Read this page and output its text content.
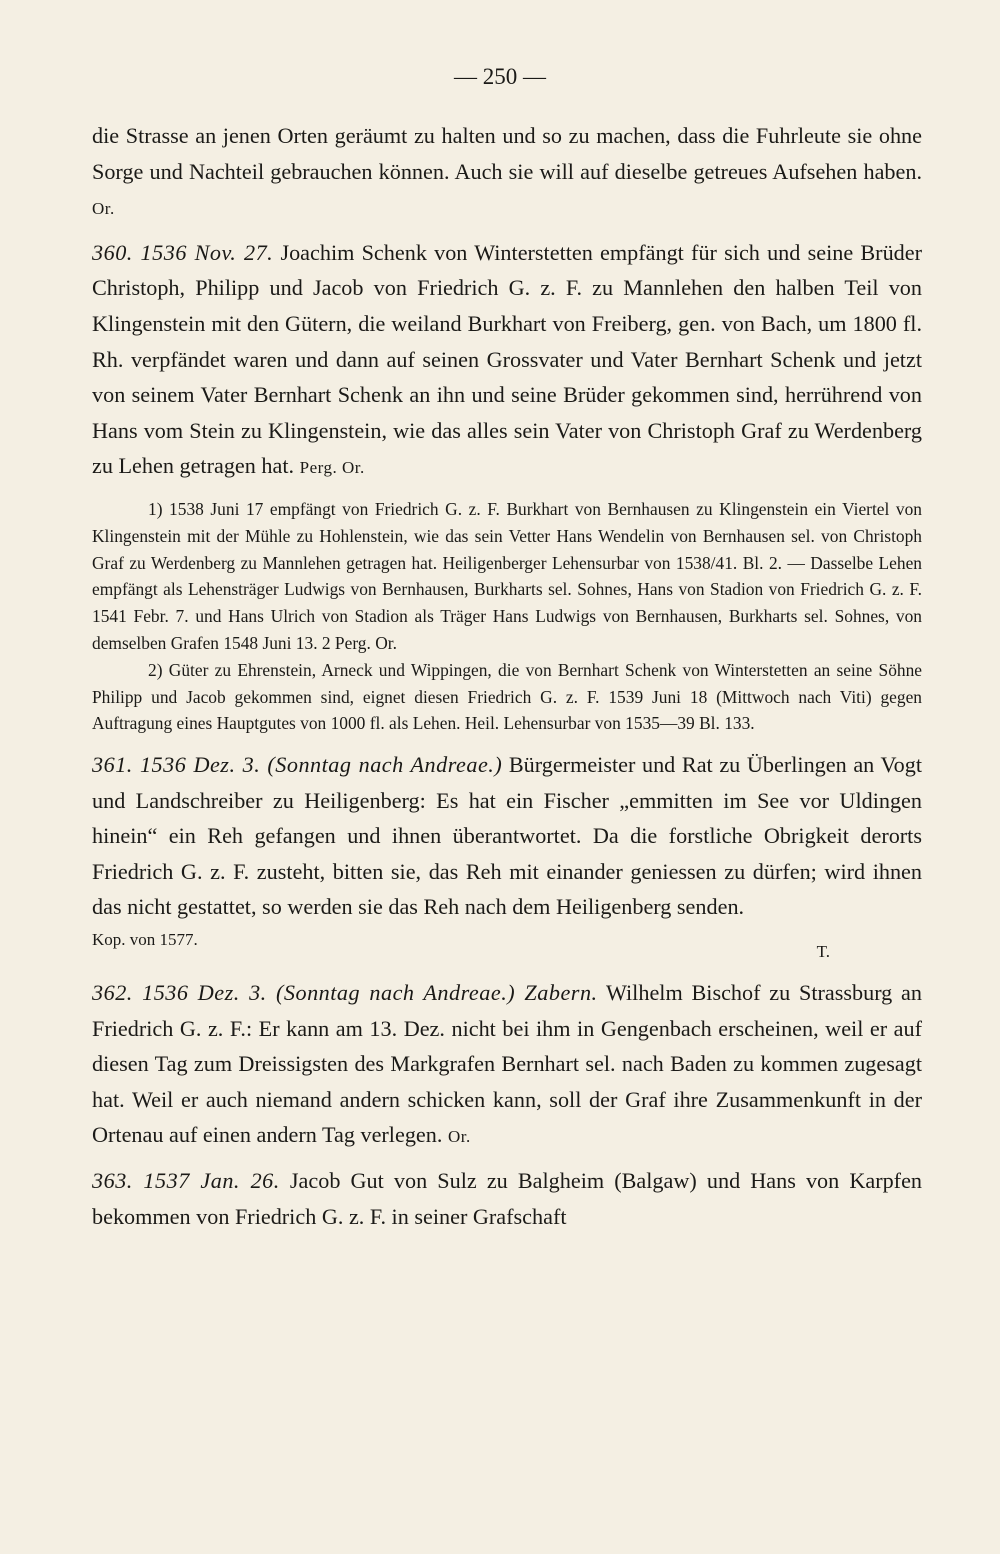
— 250 —

die Strasse an jenen Orten geräumt zu halten und so zu machen, dass die Fuhrleute sie ohne Sorge und Nachteil gebrauchen können. Auch sie will auf dieselbe getreues Aufsehen haben. Or.

360. 1536 Nov. 27. Joachim Schenk von Winterstetten empfängt für sich und seine Brüder Christoph, Philipp und Jacob von Friedrich G. z. F. zu Mannlehen den halben Teil von Klingenstein mit den Gütern, die weiland Burkhart von Freiberg, gen. von Bach, um 1800 fl. Rh. verpfändet waren und dann auf seinen Grossvater und Vater Bernhart Schenk und jetzt von seinem Vater Bernhart Schenk an ihn und seine Brüder gekommen sind, herrührend von Hans vom Stein zu Klingenstein, wie das alles sein Vater von Christoph Graf zu Werdenberg zu Lehen getragen hat. Perg. Or.

1) 1538 Juni 17 empfängt von Friedrich G. z. F. Burkhart von Bernhausen zu Klingenstein ein Viertel von Klingenstein mit der Mühle zu Hohlenstein, wie das sein Vetter Hans Wendelin von Bernhausen sel. von Christoph Graf zu Werdenberg zu Mannlehen getragen hat. Heiligenberger Lehensurbar von 1538/41. Bl. 2. — Dasselbe Lehen empfängt als Lehensträger Ludwigs von Bernhausen, Burkharts sel. Sohnes, Hans von Stadion von Friedrich G. z. F. 1541 Febr. 7. und Hans Ulrich von Stadion als Träger Hans Ludwigs von Bernhausen, Burkharts sel. Sohnes, von demselben Grafen 1548 Juni 13. 2 Perg. Or.

2) Güter zu Ehrenstein, Arneck und Wippingen, die von Bernhart Schenk von Winterstetten an seine Söhne Philipp und Jacob gekommen sind, eignet diesen Friedrich G. z. F. 1539 Juni 18 (Mittwoch nach Viti) gegen Auftragung eines Hauptgutes von 1000 fl. als Lehen. Heil. Lehensurbar von 1535—39 Bl. 133.

361. 1536 Dez. 3. (Sonntag nach Andreae.) Bürgermeister und Rat zu Überlingen an Vogt und Landschreiber zu Heiligenberg: Es hat ein Fischer „emmitten im See vor Uldingen hinein“ ein Reh gefangen und ihnen überantwortet. Da die forstliche Obrigkeit derorts Friedrich G. z. F. zusteht, bitten sie, das Reh mit einander geniessen zu dürfen; wird ihnen das nicht gestattet, so werden sie das Reh nach dem Heiligenberg senden.

Kop. von 1577.
T.

362. 1536 Dez. 3. (Sonntag nach Andreae.) Zabern. Wilhelm Bischof zu Strassburg an Friedrich G. z. F.: Er kann am 13. Dez. nicht bei ihm in Gengenbach erscheinen, weil er auf diesen Tag zum Dreissigsten des Markgrafen Bernhart sel. nach Baden zu kommen zugesagt hat. Weil er auch niemand andern schicken kann, soll der Graf ihre Zusammenkunft in der Ortenau auf einen andern Tag verlegen. Or.

363. 1537 Jan. 26. Jacob Gut von Sulz zu Balgheim (Balgaw) und Hans von Karpfen bekommen von Friedrich G. z. F. in seiner Grafschaft
